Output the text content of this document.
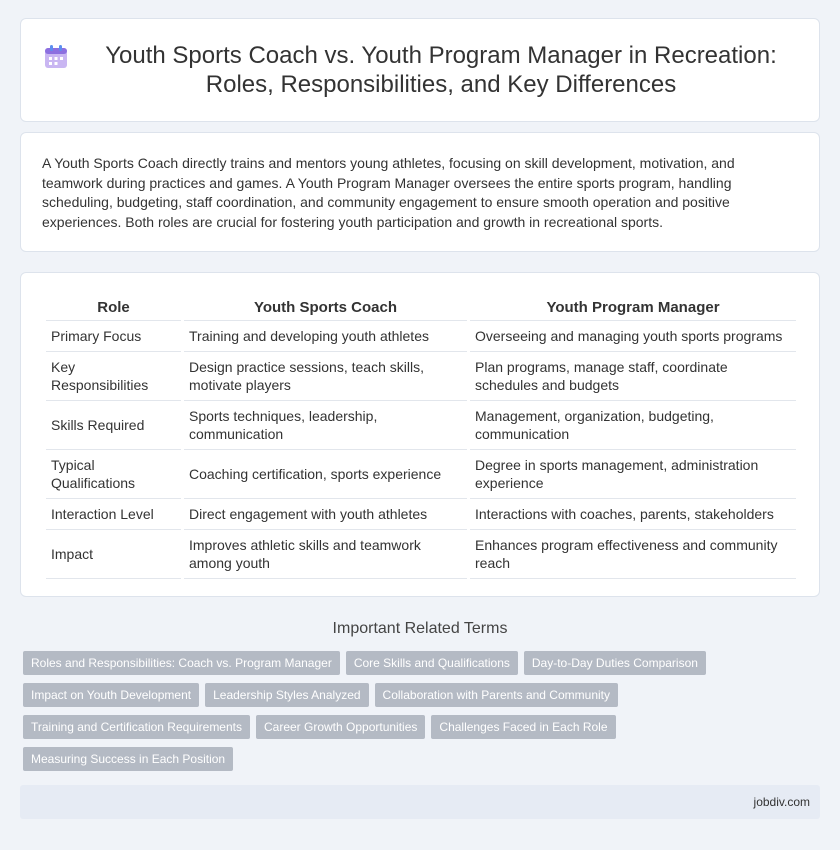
Youth Sports Coach vs. Youth Program Manager in Recreation: Roles, Responsibilities, and Key Differences

A Youth Sports Coach directly trains and mentors young athletes, focusing on skill development, motivation, and teamwork during practices and games. A Youth Program Manager oversees the entire sports program, handling scheduling, budgeting, staff coordination, and community engagement to ensure smooth operation and positive experiences. Both roles are crucial for fostering youth participation and growth in recreational sports.

Role	Youth Sports Coach	Youth Program Manager
Primary Focus	Training and developing youth athletes	Overseeing and managing youth sports programs
Key Responsibilities	Design practice sessions, teach skills, motivate players	Plan programs, manage staff, coordinate schedules and budgets
Skills Required	Sports techniques, leadership, communication	Management, organization, budgeting, communication
Typical Qualifications	Coaching certification, sports experience	Degree in sports management, administration experience
Interaction Level	Direct engagement with youth athletes	Interactions with coaches, parents, stakeholders
Impact	Improves athletic skills and teamwork among youth	Enhances program effectiveness and community reach
Important Related Terms
Roles and Responsibilities: Coach vs. Program Manager	Core Skills and Qualifications	Day-to-Day Duties Comparison
Impact on Youth Development	Leadership Styles Analyzed	Collaboration with Parents and Community
Training and Certification Requirements	Career Growth Opportunities	Challenges Faced in Each Role
Measuring Success in Each Position
jobdiv.com
